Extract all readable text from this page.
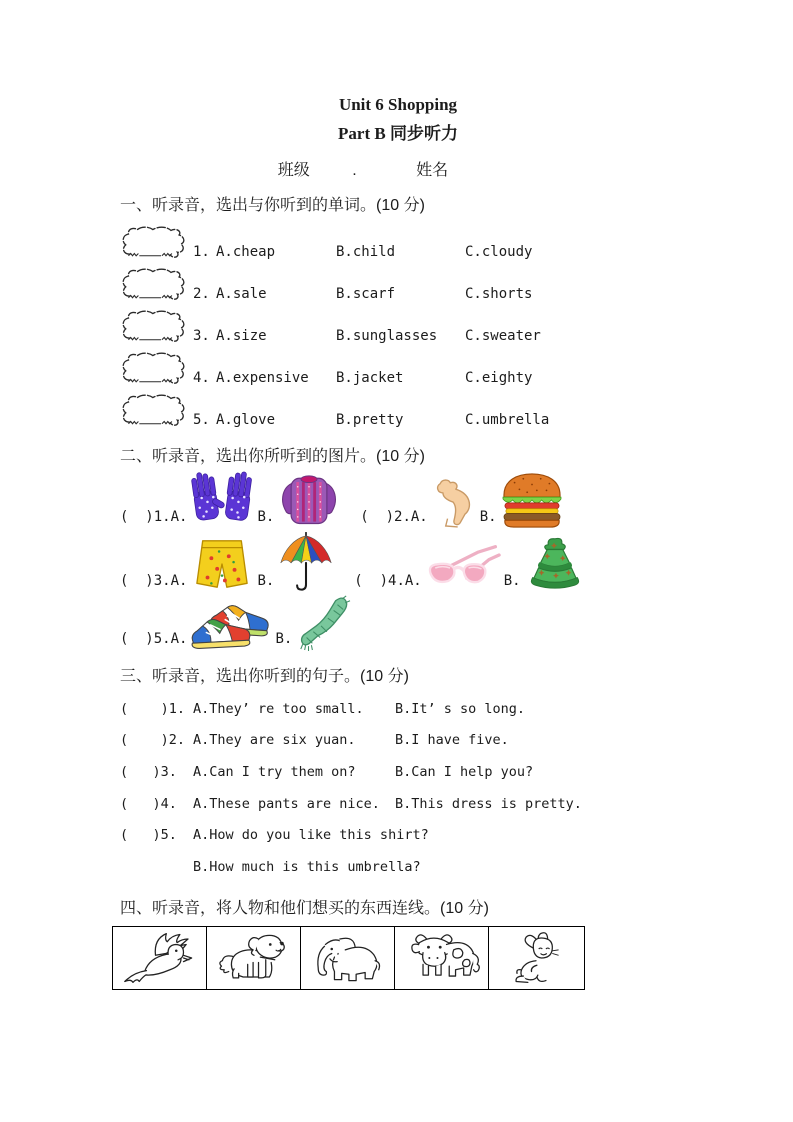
Unit 6 Shopping
Part B 同步听力
班级	.	姓名
一、听录音，选出与你听到的单词。(10 分)
1. A.cheap	B.child	C.cloudy
2. A.sale	B.scarf	C.shorts
3. A.size	B.sunglasses	C.sweater
4. A.expensive	B.jacket	C.eighty
5. A.glove	B.pretty	C.umbrella
二、听录音，选出你所听到的图片。(10 分)
(  )1.A.	B.	(  )2.A.	B.
(  )3.A.	B.	(  )4.A.	B.
(  )5.A.	B.
三、听录音，选出你听到的句子。(10 分)
(    )1. A.They’ re too small.	B.It’ s so long.
(    )2. A.They are six yuan.	B.I have five.
(   )3.	A.Can I try them on?	B.Can I help you?
(   )4.	A.These pants are nice.	B.This dress is pretty.
(   )5.	A.How do you like this shirt?
B.How much is this umbrella?
四、听录音，将人物和他们想买的东西连线。(10 分)
